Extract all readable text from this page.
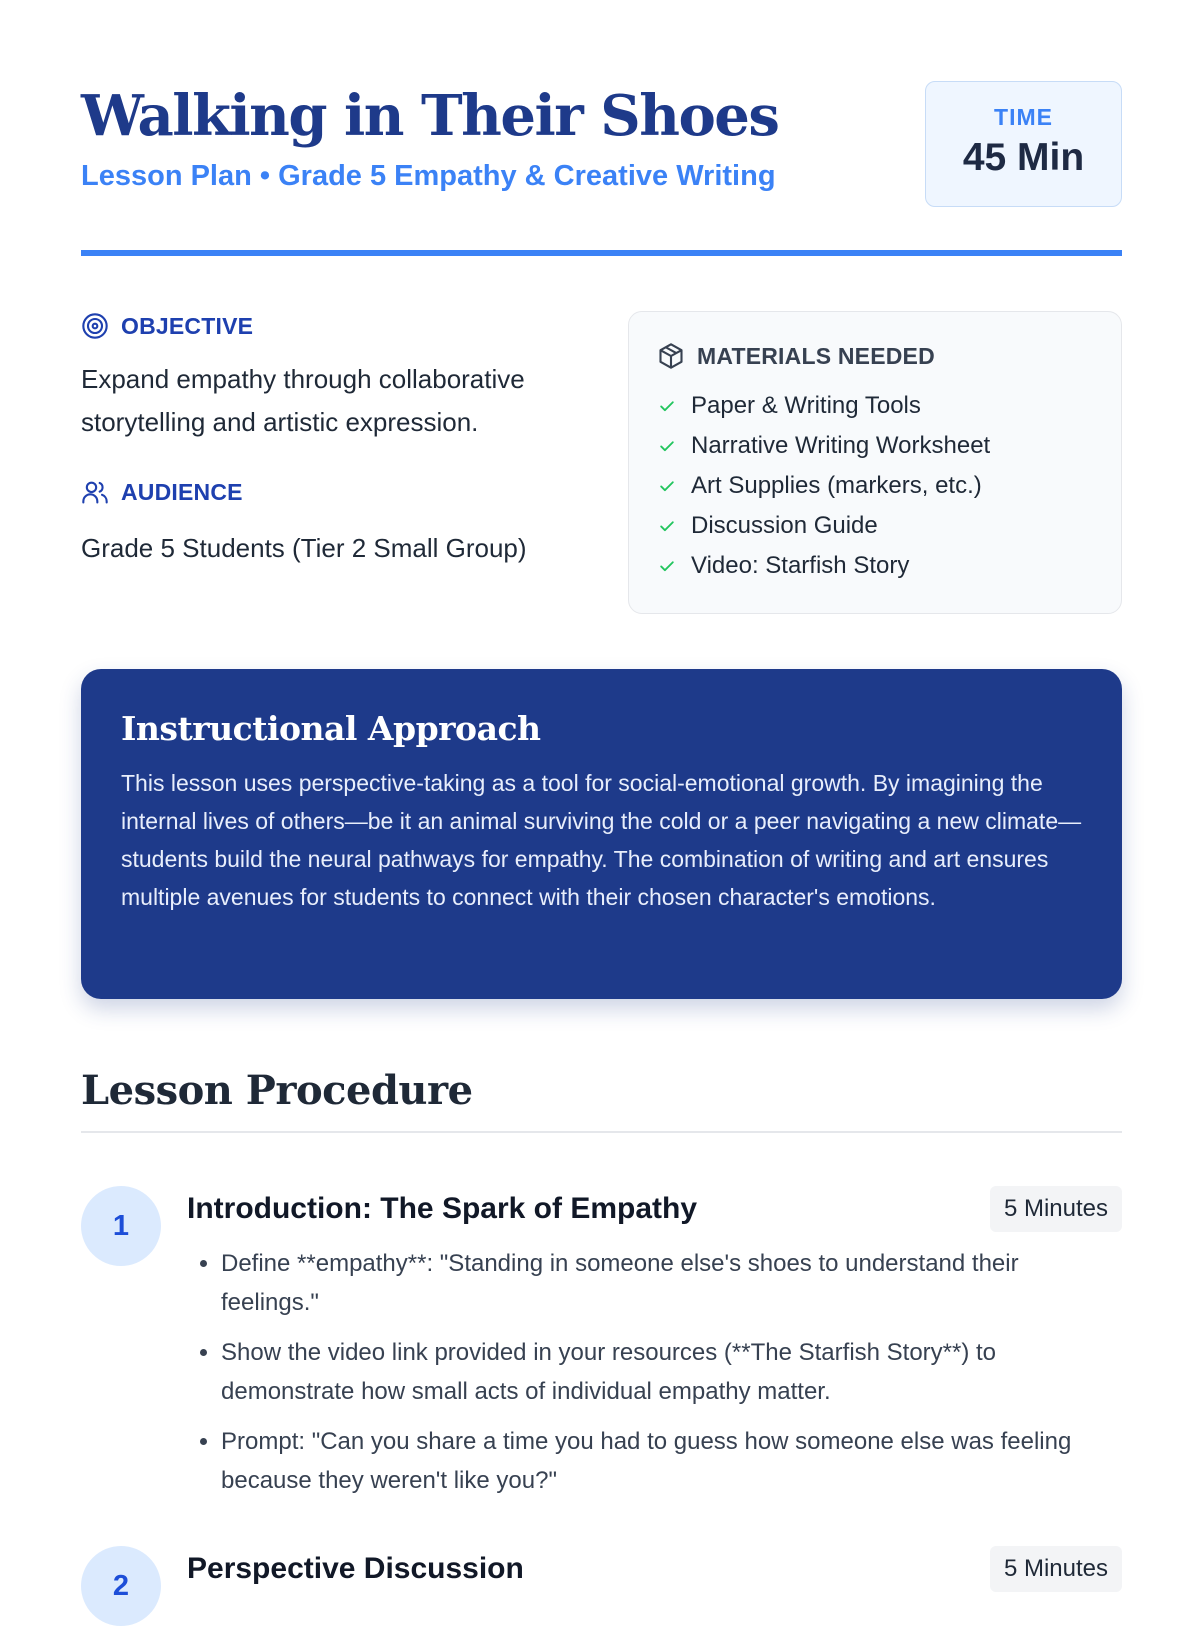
Walking in Their Shoes
Lesson Plan • Grade 5 Empathy & Creative Writing
TIME
45 Min
OBJECTIVE

Expand empathy through collaborative storytelling and artistic expression.

AUDIENCE

Grade 5 Students (Tier 2 Small Group)

MATERIALS NEEDED
Paper & Writing Tools
Narrative Writing Worksheet
Art Supplies (markers, etc.)
Discussion Guide
Video: Starfish Story
Instructional Approach

This lesson uses perspective-taking as a tool for social-emotional growth. By imagining the internal lives of others—be it an animal surviving the cold or a peer navigating a new climate—students build the neural pathways for empathy. The combination of writing and art ensures multiple avenues for students to connect with their chosen character's emotions.

Lesson Procedure
1
Introduction: The Spark of Empathy	5 Minutes
• Define **empathy**: "Standing in someone else's shoes to understand their feelings."
• Show the video link provided in your resources (**The Starfish Story**) to demonstrate how small acts of individual empathy matter.
• Prompt: "Can you share a time you had to guess how someone else was feeling because they weren't like you?"
2
Perspective Discussion	5 Minutes
